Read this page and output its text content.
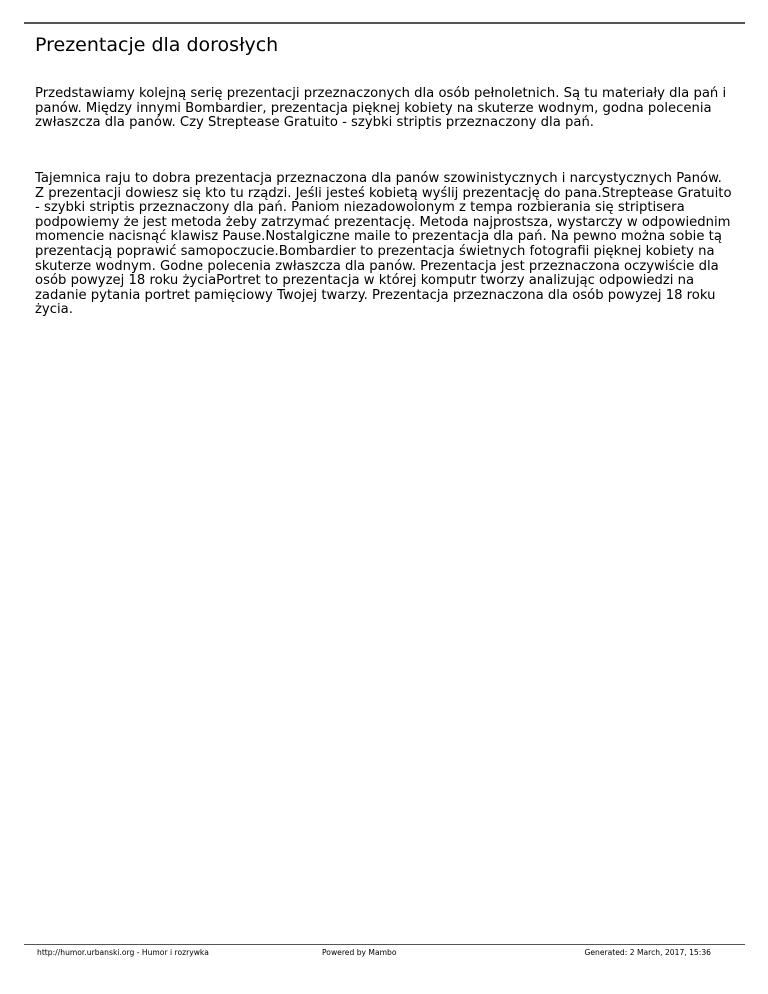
Prezentacje dla dorosłych

Przedstawiamy kolejną serię prezentacji przeznaczonych dla osób pełnoletnich. Są tu materiały dla pań i panów. Między innymi Bombardier, prezentacja pięknej kobiety na skuterze wodnym, godna polecenia zwłaszcza dla panów. Czy Streptease Gratuito - szybki striptis przeznaczony dla pań.

Tajemnica raju to dobra prezentacja przeznaczona dla panów szowinistycznych i narcystycznych Panów. Z prezentacji dowiesz się kto tu rządzi. Jeśli jesteś kobietą wyślij prezentację do pana.Streptease Gratuito - szybki striptis przeznaczony dla pań. Paniom niezadowolonym z tempa rozbierania się striptisera podpowiemy że jest metoda żeby zatrzymać prezentację. Metoda najprostsza, wystarczy w odpowiednim momencie nacisnąć klawisz Pause.Nostalgiczne maile to prezentacja dla pań. Na pewno można sobie tą prezentacją poprawić samopoczucie.Bombardier to prezentacja świetnych fotografii pięknej kobiety na skuterze wodnym. Godne polecenia zwłaszcza dla panów. Prezentacja jest przeznaczona oczywiście dla osób powyzej 18 roku życiaPortret to prezentacja w której komputr tworzy analizując odpowiedzi na zadanie pytania portret pamięciowy Twojej twarzy. Prezentacja przeznaczona dla osób powyzej 18 roku życia.

http://humor.urbanski.org - Humor i rozrywka	Powered by Mambo	Generated: 2 March, 2017, 15:36
